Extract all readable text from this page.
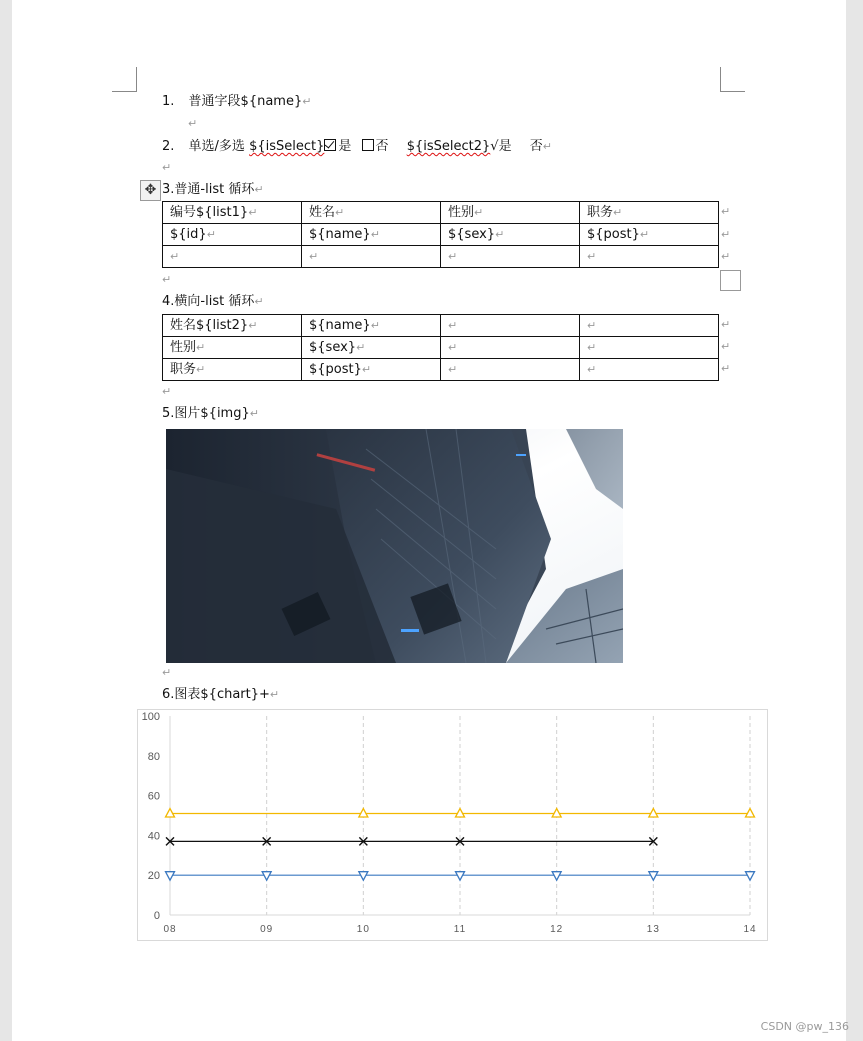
1. 普通字段${name}↵
↵
2. 单选/多选 ${isSelect} 是 否 ${isSelect2}√是 否↵
↵
✥ 3.普通-list 循环↵
编号${list1}↵	姓名↵	性别↵	职务↵
${id}↵	${name}↵	${sex}↵	${post}↵
↵	↵	↵	↵
↵
↵
↵
↵
4.横向-list 循环↵
姓名${list2}↵	${name}↵	↵	↵
性别↵	${sex}↵	↵	↵
职务↵	${post}↵	↵	↵
↵
↵
↵
↵
5.图片${img}↵
↵
6.图表${chart}+↵
0
20
40
60
80
100
08	09	10	11	12	13	14
CSDN @pw_136
